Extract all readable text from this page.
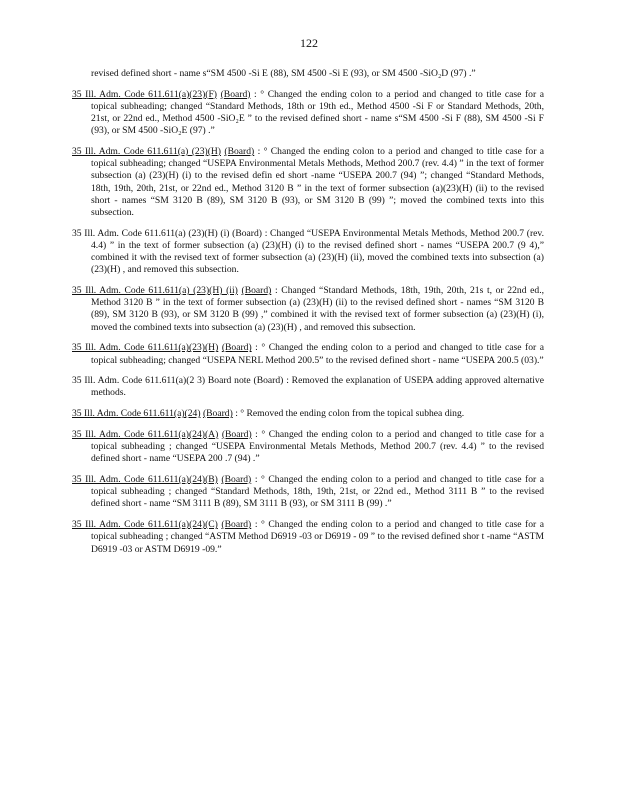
122
revised defined short - name s“SM 4500 -Si E (88), SM 4500 -Si E (93), or SM 4500 -SiO₂D (97) .”
35 Ill. Adm. Code 611.611(a)(23)(F) (Board) : ° Changed the ending colon to a period and changed to title case for a topical subheading; changed “Standard Methods, 18th or 19th ed., Method 4500 -Si F or Standard Methods, 20th, 21st, or 22nd ed., Method 4500 -SiO₂E ” to the revised defined short - name s“SM 4500 -Si F (88), SM 4500 -Si F (93), or SM 4500 -SiO₂E (97) .”
35 Ill. Adm. Code 611.611(a) (23)(H) (Board) : ° Changed the ending colon to a period and changed to title case for a topical subheading; changed “USEPA Environmental Metals Methods, Method 200.7 (rev. 4.4) ” in the text of former subsection (a) (23)(H) (i) to the revised defin ed short -name “USEPA 200.7 (94) ”; changed “Standard Methods, 18th, 19th, 20th, 21st, or 22nd ed., Method 3120 B ” in the text of former subsection (a)(23)(H) (ii) to the revised short - names “SM 3120 B (89), SM 3120 B (93), or SM 3120 B (99) ”; moved the combined texts into this subsection.
35 Ill. Adm. Code 611.611(a) (23)(H) (i) (Board) : Changed “USEPA Environmental Metals Methods, Method 200.7 (rev. 4.4) ” in the text of former subsection (a) (23)(H) (i) to the revised defined short - names “USEPA 200.7 (9 4),” combined it with the revised text of former subsection (a) (23)(H) (ii), moved the combined texts into subsection (a) (23)(H) , and removed this subsection.
35 Ill. Adm. Code 611.611(a) (23)(H) (ii) (Board) : Changed “Standard Methods, 18th, 19th, 20th, 21s t, or 22nd ed., Method 3120 B ” in the text of former subsection (a) (23)(H) (ii) to the revised defined short - names “SM 3120 B (89), SM 3120 B (93), or SM 3120 B (99) ,” combined it with the revised text of former subsection (a) (23)(H) (i), moved the combined texts into subsection (a) (23)(H) , and removed this subsection.
35 Ill. Adm. Code 611.611(a)(23)(H) (Board) : ° Changed the ending colon to a period and changed to title case for a topical subheading; changed “USEPA NERL Method 200.5” to the revised defined short - name “USEPA 200.5 (03).”
35 Ill. Adm. Code 611.611(a)(2 3) Board note (Board) : Removed the explanation of USEPA adding approved alternative methods.
35 Ill. Adm. Code 611.611(a)(24) (Board) : ° Removed the ending colon from the topical subhea ding.
35 Ill. Adm. Code 611.611(a)(24)(A) (Board) : ° Changed the ending colon to a period and changed to title case for a topical subheading ; changed “USEPA Environmental Metals Methods, Method 200.7 (rev. 4.4) ” to the revised defined short - name “USEPA 200 .7 (94) .”
35 Ill. Adm. Code 611.611(a)(24)(B) (Board) : ° Changed the ending colon to a period and changed to title case for a topical subheading ; changed “Standard Methods, 18th, 19th, 21st, or 22nd ed., Method 3111 B ” to the revised defined short - name “SM 3111 B (89), SM 3111 B (93), or SM 3111 B (99) .”
35 Ill. Adm. Code 611.611(a)(24)(C) (Board) : ° Changed the ending colon to a period and changed to title case for a topical subheading ; changed “ASTM Method D6919 -03 or D6919 - 09 ” to the revised defined shor t -name “ASTM D6919 -03 or ASTM D6919 -09.”
